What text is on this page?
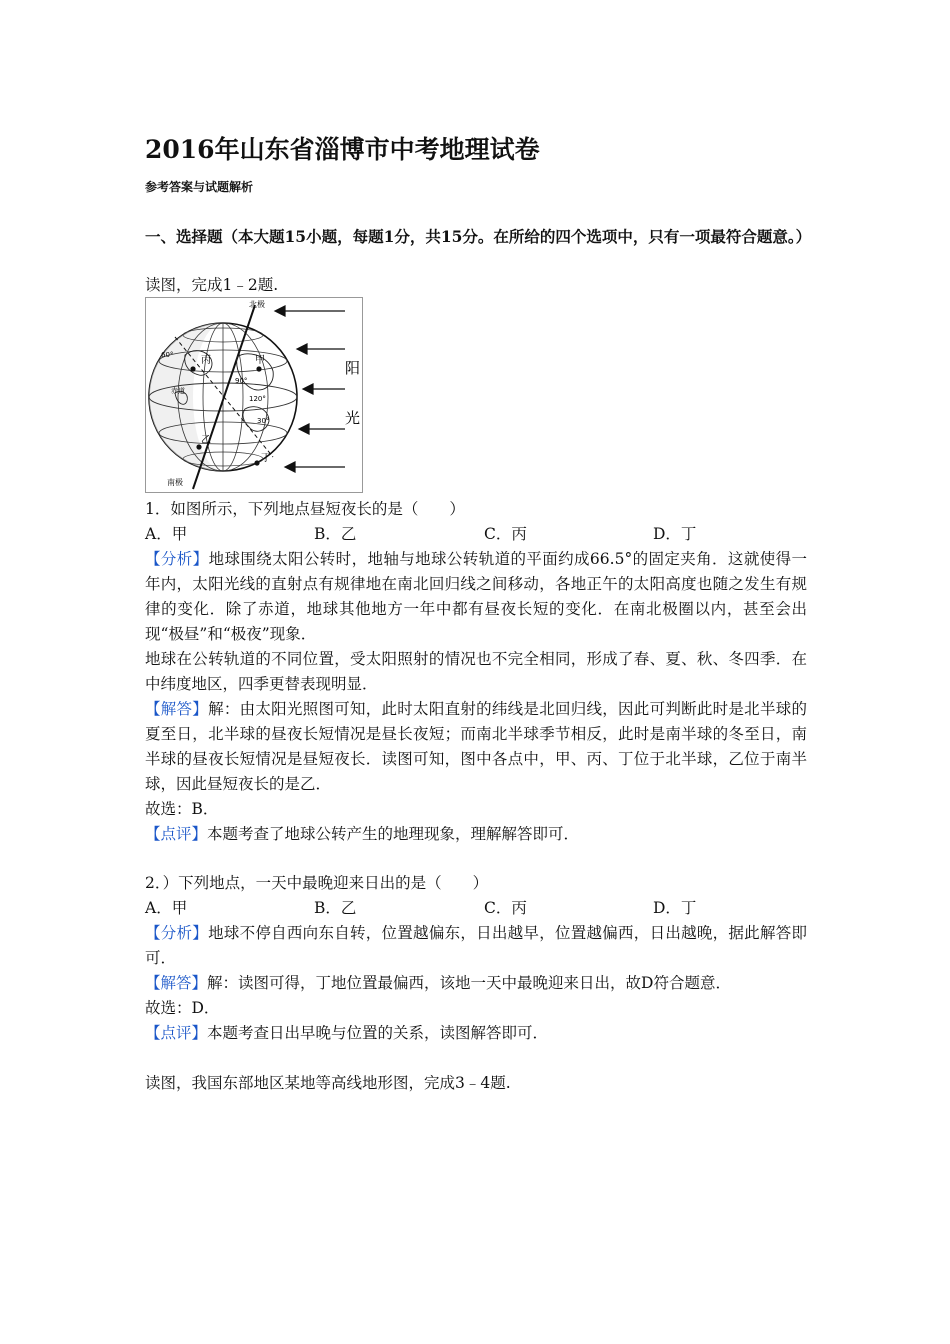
2016年山东省淄博市中考地理试卷
参考答案与试题解析
一、选择题（本大题15小题，每题1分，共15分。在所给的四个选项中，只有一项最符合题意。）
读图，完成1﹣2题.
北极
南极
阳
光
丙	甲
乙
丁
赤道
90°
120°
30°
60°
1．如图所示，下列地点昼短夜长的是（　　）
A．甲	B．乙	C．丙	D．丁
【分析】地球围绕太阳公转时，地轴与地球公转轨道的平面约成66.5°的固定夹角．这就使得一年内，太阳光线的直射点有规律地在南北回归线之间移动，各地正午的太阳高度也随之发生有规律的变化．除了赤道，地球其他地方一年中都有昼夜长短的变化．在南北极圈以内，甚至会出现“极昼”和“极夜”现象．
地球在公转轨道的不同位置，受太阳照射的情况也不完全相同，形成了春、夏、秋、冬四季．在中纬度地区，四季更替表现明显．
【解答】解：由太阳光照图可知，此时太阳直射的纬线是北回归线，因此可判断此时是北半球的夏至日，北半球的昼夜长短情况是昼长夜短；而南北半球季节相反，此时是南半球的冬至日，南半球的昼夜长短情况是昼短夜长．读图可知，图中各点中，甲、丙、丁位于北半球，乙位于南半球，因此昼短夜长的是乙．
故选：B．
【点评】本题考查了地球公转产生的地理现象，理解解答即可．
2．）下列地点，一天中最晚迎来日出的是（　　）
A．甲	B．乙	C．丙	D．丁
【分析】地球不停自西向东自转，位置越偏东，日出越早，位置越偏西，日出越晚，据此解答即可．
【解答】解：读图可得，丁地位置最偏西，该地一天中最晚迎来日出，故D符合题意．
故选：D．
【点评】本题考查日出早晚与位置的关系，读图解答即可．
读图，我国东部地区某地等高线地形图，完成3﹣4题.
